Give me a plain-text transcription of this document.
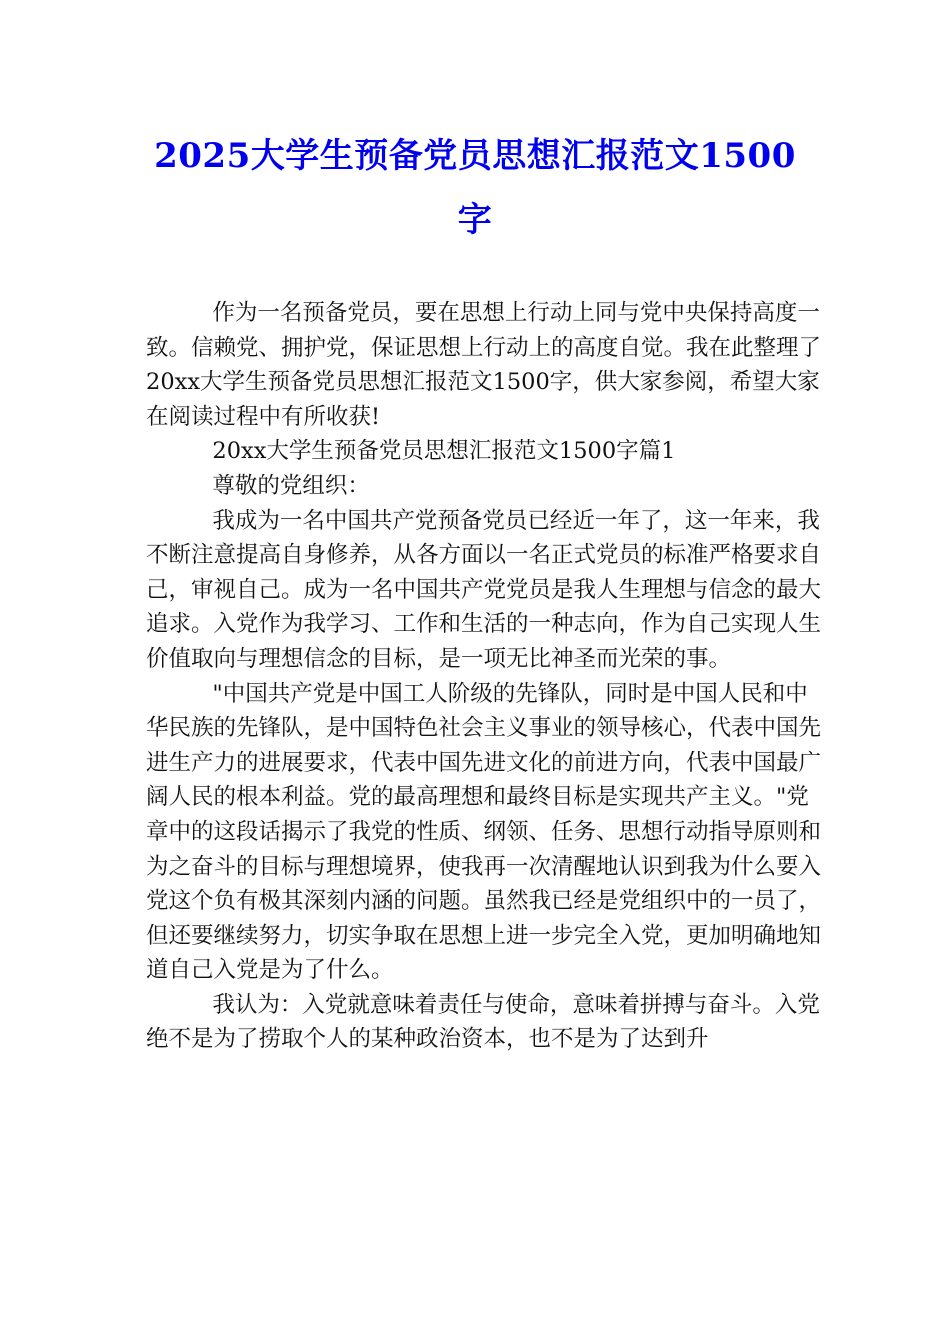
2025大学生预备党员思想汇报范文1500
字

作为一名预备党员，要在思想上行动上同与党中央保持高度一致。信赖党、拥护党，保证思想上行动上的高度自觉。我在此整理了20xx大学生预备党员思想汇报范文1500字，供大家参阅，希望大家在阅读过程中有所收获!

20xx大学生预备党员思想汇报范文1500字篇1

尊敬的党组织：

我成为一名中国共产党预备党员已经近一年了，这一年来，我不断注意提高自身修养，从各方面以一名正式党员的标准严格要求自己，审视自己。成为一名中国共产党党员是我人生理想与信念的最大追求。入党作为我学习、工作和生活的一种志向，作为自己实现人生价值取向与理想信念的目标，是一项无比神圣而光荣的事。

"中国共产党是中国工人阶级的先锋队，同时是中国人民和中华民族的先锋队，是中国特色社会主义事业的领导核心，代表中国先进生产力的进展要求，代表中国先进文化的前进方向，代表中国最广阔人民的根本利益。党的最高理想和最终目标是实现共产主义。"党章中的这段话揭示了我党的性质、纲领、任务、思想行动指导原则和为之奋斗的目标与理想境界，使我再一次清醒地认识到我为什么要入党这个负有极其深刻内涵的问题。虽然我已经是党组织中的一员了，但还要继续努力，切实争取在思想上进一步完全入党，更加明确地知道自己入党是为了什么。

我认为：入党就意味着责任与使命，意味着拼搏与奋斗。入党绝不是为了捞取个人的某种政治资本，也不是为了达到升
